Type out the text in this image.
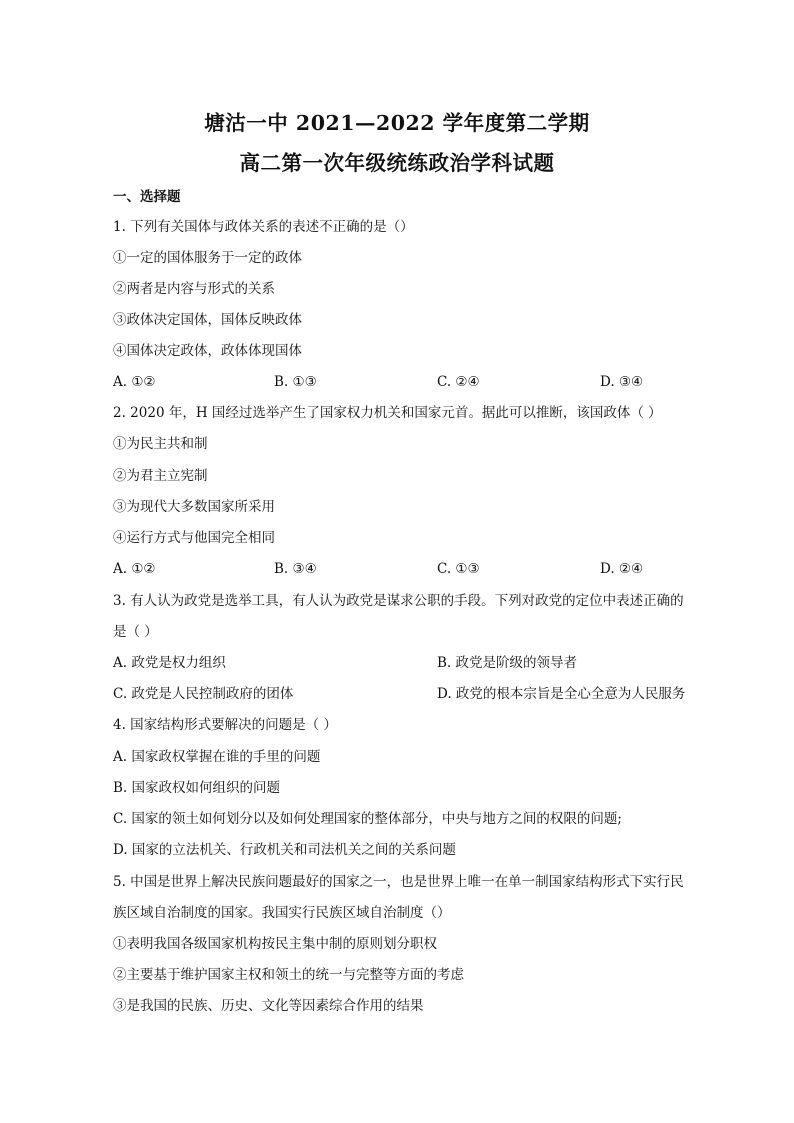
塘沽一中 2021—2022 学年度第二学期
高二第一次年级统练政治学科试题
一、选择题
1. 下列有关国体与政体关系的表述不正确的是（）
①一定的国体服务于一定的政体
②两者是内容与形式的关系
③政体决定国体，国体反映政体
④国体决定政体，政体体现国体
A. ①②	B. ①③	C. ②④	D. ③④
2. 2020 年，H 国经过选举产生了国家权力机关和国家元首。据此可以推断，该国政体（ ）
①为民主共和制
②为君主立宪制
③为现代大多数国家所采用
④运行方式与他国完全相同
A. ①②	B. ③④	C. ①③	D. ②④
3. 有人认为政党是选举工具，有人认为政党是谋求公职的手段。下列对政党的定位中表述正确的
是（ ）
A. 政党是权力组织	B. 政党是阶级的领导者
C. 政党是人民控制政府的团体	D. 政党的根本宗旨是全心全意为人民服务
4. 国家结构形式要解决的问题是（ ）
A. 国家政权掌握在谁的手里的问题
B. 国家政权如何组织的问题
C. 国家的领土如何划分以及如何处理国家的整体部分，中央与地方之间的权限的问题;
D. 国家的立法机关、行政机关和司法机关之间的关系问题
5. 中国是世界上解决民族问题最好的国家之一，也是世界上唯一在单一制国家结构形式下实行民
族区域自治制度的国家。我国实行民族区域自治制度（）
①表明我国各级国家机构按民主集中制的原则划分职权
②主要基于维护国家主权和领土的统一与完整等方面的考虑
③是我国的民族、历史、文化等因素综合作用的结果
